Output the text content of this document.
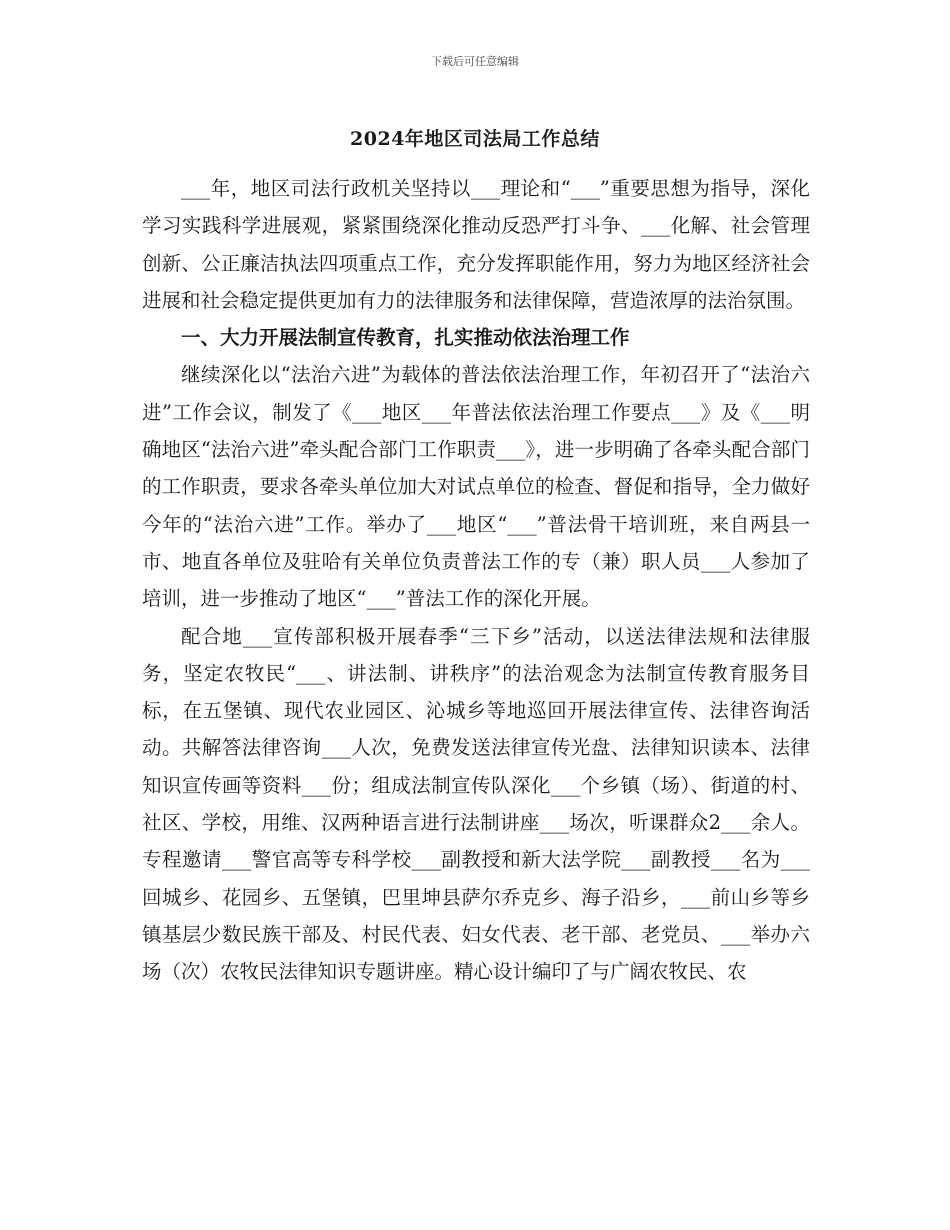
下载后可任意编辑
2024年地区司法局工作总结

___年，地区司法行政机关坚持以___理论和“___”重要思想为指导，深化学习实践科学进展观，紧紧围绕深化推动反恐严打斗争、___化解、社会管理创新、公正廉洁执法四项重点工作，充分发挥职能作用，努力为地区经济社会进展和社会稳定提供更加有力的法律服务和法律保障，营造浓厚的法治氛围。

一、大力开展法制宣传教育，扎实推动依法治理工作

继续深化以“法治六进”为载体的普法依法治理工作，年初召开了“法治六进”工作会议，制发了《___地区___年普法依法治理工作要点___》及《___明确地区“法治六进”牵头配合部门工作职责___》，进一步明确了各牵头配合部门的工作职责，要求各牵头单位加大对试点单位的检查、督促和指导，全力做好今年的“法治六进”工作。举办了___地区“___”普法骨干培训班，来自两县一市、地直各单位及驻哈有关单位负责普法工作的专（兼）职人员___人参加了培训，进一步推动了地区“___”普法工作的深化开展。

配合地___宣传部积极开展春季“三下乡”活动，以送法律法规和法律服务，坚定农牧民“___、讲法制、讲秩序”的法治观念为法制宣传教育服务目标，在五堡镇、现代农业园区、沁城乡等地巡回开展法律宣传、法律咨询活动。共解答法律咨询___人次，免费发送法律宣传光盘、法律知识读本、法律知识宣传画等资料___份；组成法制宣传队深化___个乡镇（场）、街道的村、社区、学校，用维、汉两种语言进行法制讲座___场次，听课群众2___余人。专程邀请___警官高等专科学校___副教授和新大法学院___副教授___名为___回城乡、花园乡、五堡镇，巴里坤县萨尔乔克乡、海子沿乡，___前山乡等乡镇基层少数民族干部及、村民代表、妇女代表、老干部、老党员、___举办六场（次）农牧民法律知识专题讲座。精心设计编印了与广阔农牧民、农
